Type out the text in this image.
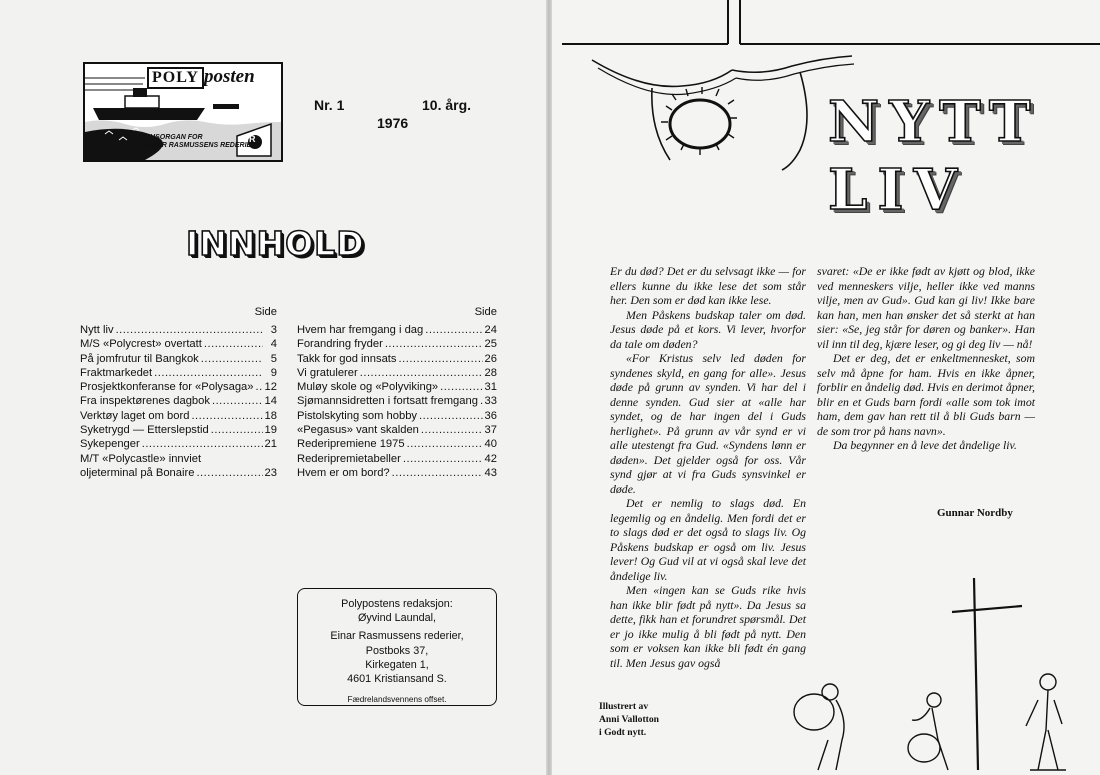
POLY posten
HUSORGAN FOR
EINAR RASMUSSENS REDERIER
R
Nr. 1	10. årg.
1976
INNHOLD
Side
Nytt liv .....	3
M/S «Polycrest» overtatt .....	4
På jomfrutur til Bangkok .....	5
Fraktmarkedet .....	9
Prosjektkonferanse for «Polysaga» ..... 12
Fra inspektørenes dagbok .....	14
Verktøy laget om bord .....	18
Syketrygd — Etterslepstid .....	19
Sykepenger .....	21
M/T «Polycastle» innviet
oljeterminal på Bonaire .....	23
Side
Hvem har fremgang i dag .....	24
Forandring fryder .....	25
Takk for god innsats .....	26
Vi gratulerer .....	28
Muløy skole og «Polyviking» .....	31
Sjømannsidretten i fortsatt fremgang ..... 33
Pistolskyting som hobby .....	36
«Pegasus» vant skalden .....	37
Rederipremiene 1975 .....	40
Rederipremietabeller .....	42
Hvem er om bord? .....	43
Polypostens redaksjon:
Øyvind Laundal,
Einar Rasmussens rederier,
Postboks 37,
Kirkegaten 1,
4601 Kristiansand S.
Fædrelandsvennens offset.
NYTT
LIV

Er du død? Det er du selvsagt ikke — for ellers kunne du ikke lese det som står her. Den som er død kan ikke lese.

Men Påskens budskap taler om død. Jesus døde på et kors. Vi lever, hvorfor da tale om døden?

«For Kristus selv led døden for syndenes skyld, en gang for alle». Jesus døde på grunn av synden. Vi har del i denne synden. Gud sier at «alle har syndet, og de har ingen del i Guds herlighet». På grunn av vår synd er vi alle utestengt fra Gud. «Syndens lønn er døden». Det gjelder også for oss. Vår synd gjør at vi fra Guds synsvinkel er døde.

Det er nemlig to slags død. En legemlig og en åndelig. Men fordi det er to slags død er det også to slags liv. Og Påskens budskap er også om liv. Jesus lever! Og Gud vil at vi også skal leve det åndelige liv.

Men «ingen kan se Guds rike hvis han ikke blir født på nytt». Da Jesus sa dette, fikk han et forundret spørsmål. Det er jo ikke mulig å bli født på nytt. Den som er voksen kan ikke bli født én gang til. Men Jesus gav også

svaret: «De er ikke født av kjøtt og blod, ikke ved menneskers vilje, heller ikke ved manns vilje, men av Gud». Gud kan gi liv! Ikke bare kan han, men han ønsker det så sterkt at han sier: «Se, jeg står for døren og banker». Han vil inn til deg, kjære leser, og gi deg liv — nå!

Det er deg, det er enkeltmennesket, som selv må åpne for ham. Hvis en ikke åpner, forblir en åndelig død. Hvis en derimot åpner, blir en et Guds barn fordi «alle som tok imot ham, dem gav han rett til å bli Guds barn — de som tror på hans navn».

Da begynner en å leve det åndelige liv.

Gunnar Nordby
Illustrert av
Anni Vallotton
i Godt nytt.
